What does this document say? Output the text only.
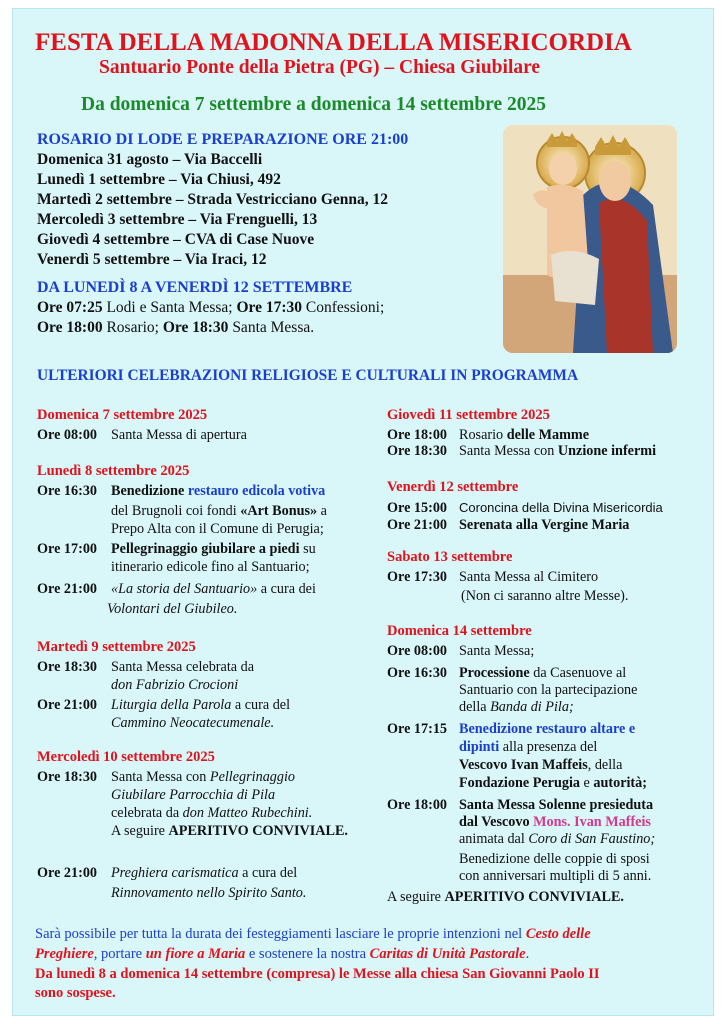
FESTA DELLA MADONNA DELLA MISERICORDIA
Santuario Ponte della Pietra (PG) – Chiesa Giubilare
Da domenica 7 settembre a domenica 14 settembre 2025
ROSARIO DI LODE E PREPARAZIONE ORE 21:00
Domenica 31 agosto – Via Baccelli
Lunedì 1 settembre – Via Chiusi, 492
Martedì 2 settembre – Strada Vestricciano Genna, 12
Mercoledì 3 settembre – Via Frenguelli, 13
Giovedì 4 settembre – CVA di Case Nuove
Venerdì 5 settembre – Via Iraci, 12
DA LUNEDÌ 8 A VENERDÌ 12 SETTEMBRE
Ore 07:25 Lodi e Santa Messa; Ore 17:30 Confessioni;
Ore 18:00 Rosario; Ore 18:30 Santa Messa.
ULTERIORI CELEBRAZIONI RELIGIOSE E CULTURALI IN PROGRAMMA
Domenica 7 settembre 2025
Ore 08:00 Santa Messa di apertura
Lunedì 8 settembre 2025
Ore 16:30 Benedizione restauro edicola votiva
del Brugnoli coi fondi «Art Bonus» a
Prepo Alta con il Comune di Perugia;
Ore 17:00 Pellegrinaggio giubilare a piedi su
itinerario edicole fino al Santuario;
Ore 21:00 «La storia del Santuario» a cura dei
Volontari del Giubileo.
Martedì 9 settembre 2025
Ore 18:30 Santa Messa celebrata da
don Fabrizio Crocioni
Ore 21:00 Liturgia della Parola a cura del
Cammino Neocatecumenale.
Mercoledì 10 settembre 2025
Ore 18:30 Santa Messa con Pellegrinaggio
Giubilare Parrocchia di Pila
celebrata da don Matteo Rubechini.
A seguire APERITIVO CONVIVIALE.
Ore 21:00 Preghiera carismatica a cura del
Rinnovamento nello Spirito Santo.
Giovedì 11 settembre 2025
Ore 18:00 Rosario delle Mamme
Ore 18:30 Santa Messa con Unzione infermi
Venerdì 12 settembre
Ore 15:00 Coroncina della Divina Misericordia
Ore 21:00 Serenata alla Vergine Maria
Sabato 13 settembre
Ore 17:30 Santa Messa al Cimitero
(Non ci saranno altre Messe).
Domenica 14 settembre
Ore 08:00 Santa Messa;
Ore 16:30 Processione da Casenuove al
Santuario con la partecipazione
della Banda di Pila;
Ore 17:15 Benedizione restauro altare e
dipinti alla presenza del
Vescovo Ivan Maffeis, della
Fondazione Perugia e autorità;
Ore 18:00 Santa Messa Solenne presieduta
dal Vescovo Mons. Ivan Maffeis
animata dal Coro di San Faustino;
Benedizione delle coppie di sposi
con anniversari multipli di 5 anni.
A seguire APERITIVO CONVIVIALE.
Sarà possibile per tutta la durata dei festeggiamenti lasciare le proprie intenzioni nel Cesto delle
Preghiere, portare un fiore a Maria e sostenere la nostra Caritas di Unità Pastorale.
Da lunedì 8 a domenica 14 settembre (compresa) le Messe alla chiesa San Giovanni Paolo II
sono sospese.
